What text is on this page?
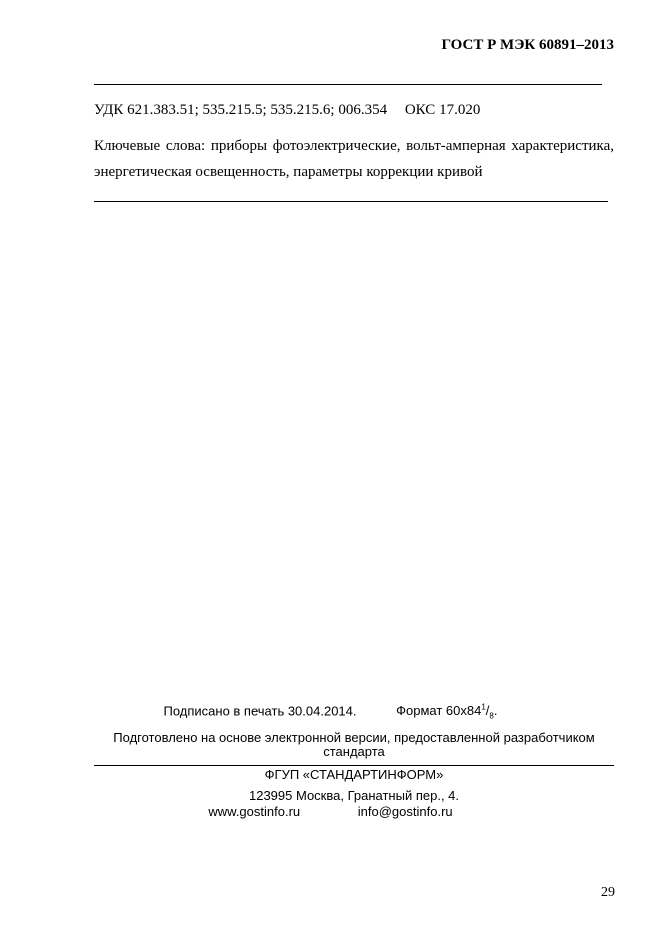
ГОСТ Р МЭК 60891–2013
УДК 621.383.51; 535.215.5; 535.215.6; 006.354 ОКС 17.020
Ключевые слова: приборы фотоэлектрические, вольт-амперная характеристика, энергетическая освещенность, параметры коррекции кривой
Подписано в печать 30.04.2014.	Формат $60х84^1/_8$.
Подготовлено на основе электронной версии, предоставленной разработчиком стандарта
ФГУП «СТАНДАРТИНФОРМ»
123995 Москва, Гранатный пер., 4.
www.gostinfo.ru	info@gostinfo.ru
29
